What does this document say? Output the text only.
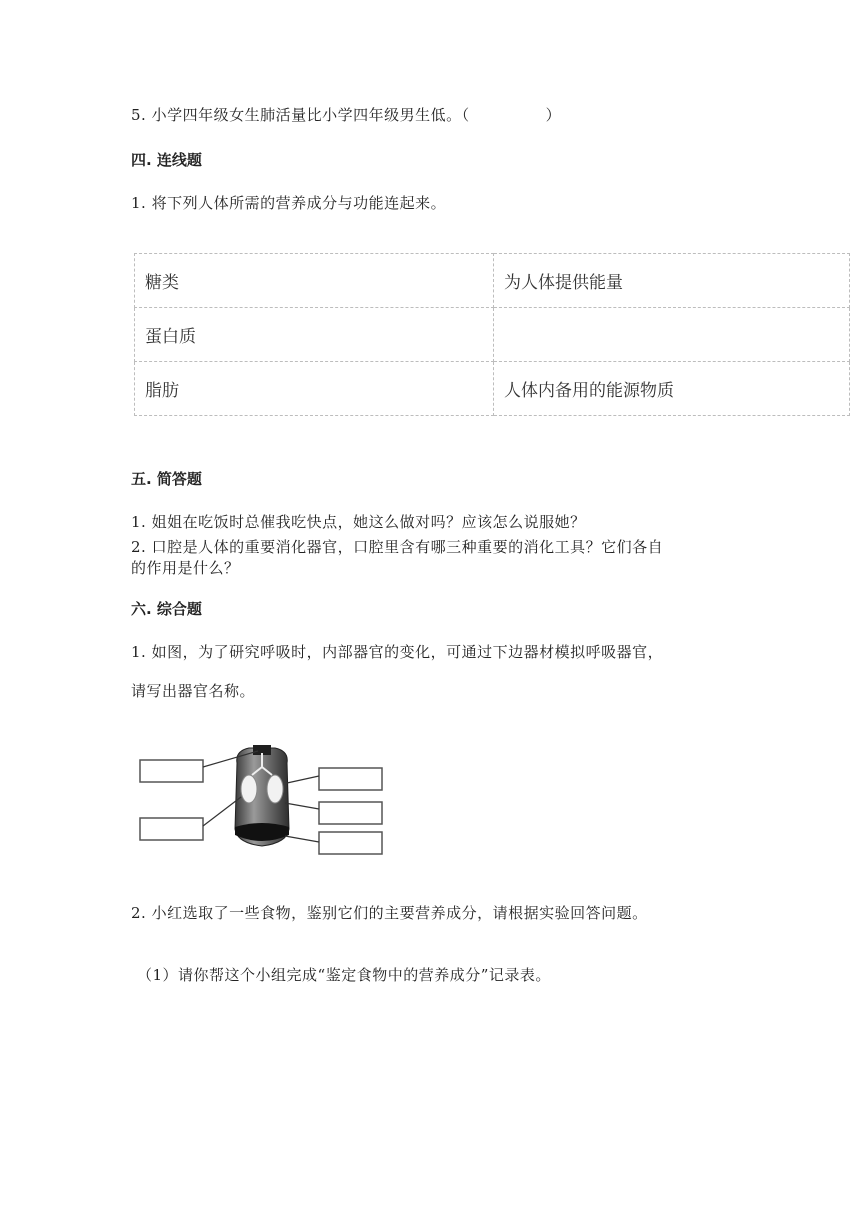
5. 小学四年级女生肺活量比小学四年级男生低。（	）
四. 连线题
1. 将下列人体所需的营养成分与功能连起来。
糖类	为人体提供能量
蛋白质	
脂肪	人体内备用的能源物质
五. 简答题
1. 姐姐在吃饭时总催我吃快点，她这么做对吗？应该怎么说服她？
2. 口腔是人体的重要消化器官，口腔里含有哪三种重要的消化工具？它们各自
的作用是什么？
六. 综合题
1. 如图，为了研究呼吸时，内部器官的变化，可通过下边器材模拟呼吸器官，
请写出器官名称。
2. 小红选取了一些食物，鉴别它们的主要营养成分，请根据实验回答问题。
（1）请你帮这个小组完成“鉴定食物中的营养成分”记录表。
